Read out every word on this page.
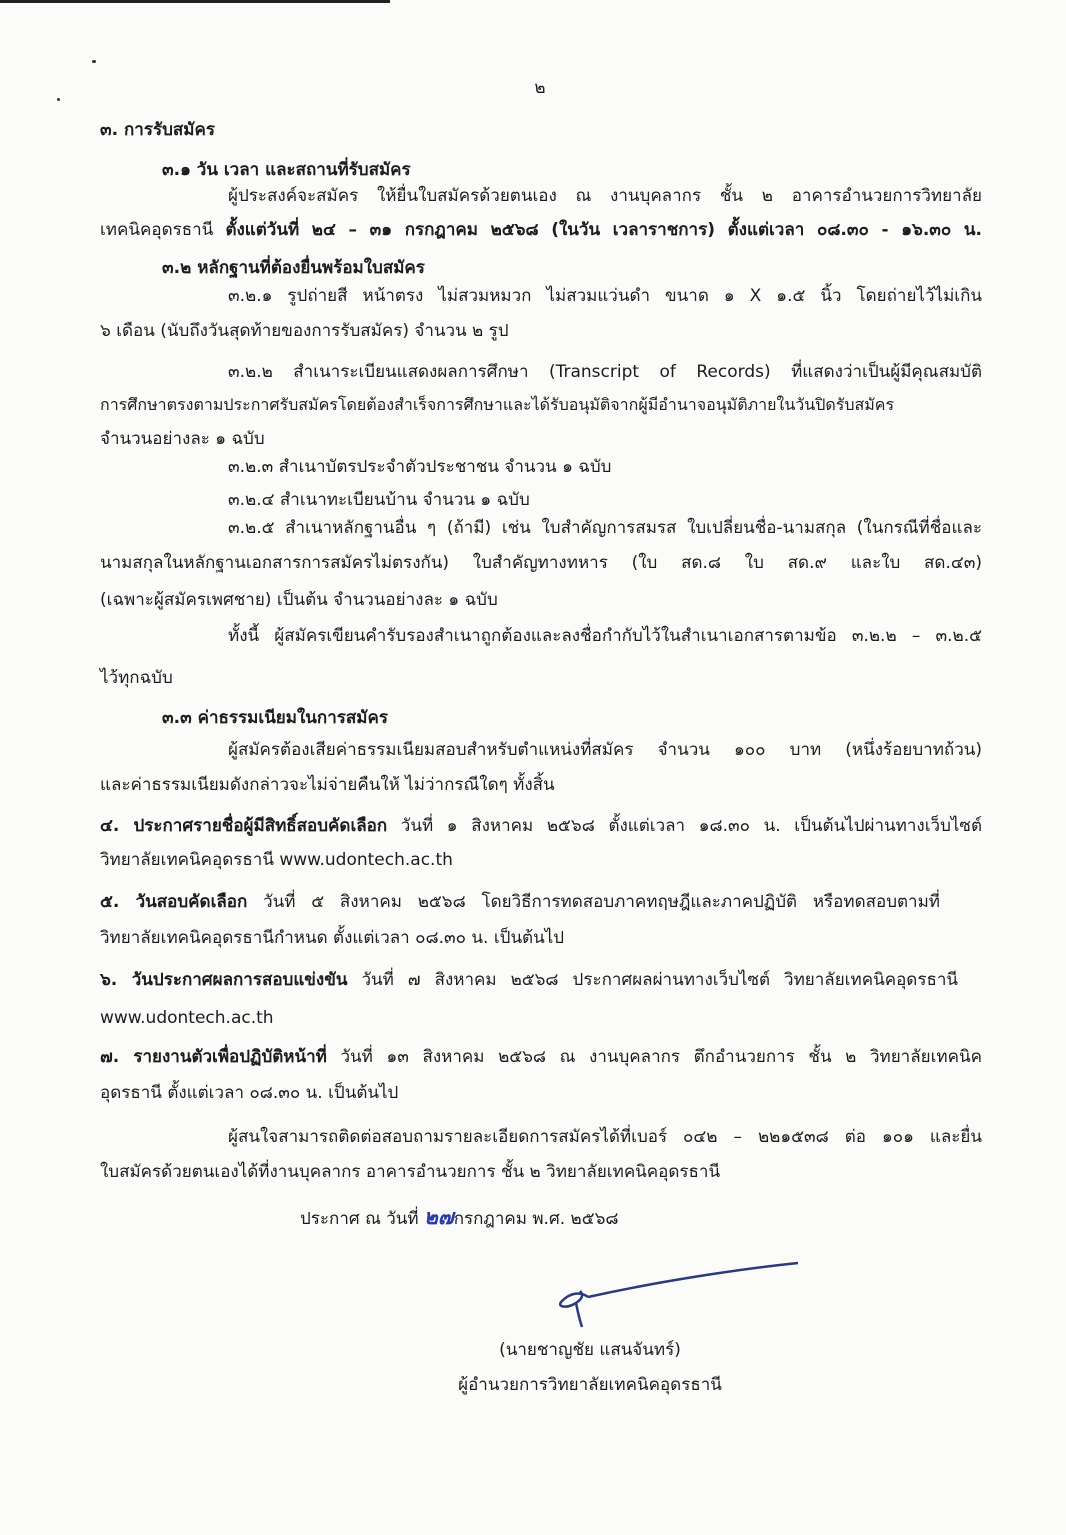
๒
๓. การรับสมัคร
๓.๑ วัน เวลา และสถานที่รับสมัคร
ผู้ประสงค์จะสมัคร ให้ยื่นใบสมัครด้วยตนเอง ณ งานบุคลากร ชั้น ๒ อาคารอำนวยการวิทยาลัย
เทคนิคอุดรธานี ตั้งแต่วันที่ ๒๔ – ๓๑ กรกฎาคม ๒๕๖๘ (ในวัน เวลาราชการ) ตั้งแต่เวลา ๐๘.๓๐ - ๑๖.๓๐ น.
๓.๒ หลักฐานที่ต้องยื่นพร้อมใบสมัคร
๓.๒.๑ รูปถ่ายสี หน้าตรง ไม่สวมหมวก ไม่สวมแว่นดำ ขนาด ๑ X ๑.๕ นิ้ว โดยถ่ายไว้ไม่เกิน
๖ เดือน (นับถึงวันสุดท้ายของการรับสมัคร) จำนวน ๒ รูป
๓.๒.๒ สำเนาระเบียนแสดงผลการศึกษา (Transcript of Records) ที่แสดงว่าเป็นผู้มีคุณสมบัติ
การศึกษาตรงตามประกาศรับสมัครโดยต้องสำเร็จการศึกษาและได้รับอนุมัติจากผู้มีอำนาจอนุมัติภายในวันปิดรับสมัคร
จำนวนอย่างละ ๑ ฉบับ
๓.๒.๓ สำเนาบัตรประจำตัวประชาชน จำนวน ๑ ฉบับ
๓.๒.๔ สำเนาทะเบียนบ้าน จำนวน ๑ ฉบับ
๓.๒.๕ สำเนาหลักฐานอื่น ๆ (ถ้ามี) เช่น ใบสำคัญการสมรส ใบเปลี่ยนชื่อ-นามสกุล (ในกรณีที่ชื่อและ
นามสกุลในหลักฐานเอกสารการสมัครไม่ตรงกัน) ใบสำคัญทางทหาร (ใบ สด.๘ ใบ สด.๙ และใบ สด.๔๓)
(เฉพาะผู้สมัครเพศชาย) เป็นต้น จำนวนอย่างละ ๑ ฉบับ
ทั้งนี้ ผู้สมัครเขียนคำรับรองสำเนาถูกต้องและลงชื่อกำกับไว้ในสำเนาเอกสารตามข้อ ๓.๒.๒ – ๓.๒.๕
ไว้ทุกฉบับ
๓.๓ ค่าธรรมเนียมในการสมัคร
ผู้สมัครต้องเสียค่าธรรมเนียมสอบสำหรับตำแหน่งที่สมัคร จำนวน ๑๐๐ บาท (หนึ่งร้อยบาทถ้วน)
และค่าธรรมเนียมดังกล่าวจะไม่จ่ายคืนให้ ไม่ว่ากรณีใดๆ ทั้งสิ้น
๔. ประกาศรายชื่อผู้มีสิทธิ์สอบคัดเลือก วันที่ ๑ สิงหาคม ๒๕๖๘ ตั้งแต่เวลา ๑๘.๓๐ น. เป็นต้นไปผ่านทางเว็บไซต์
วิทยาลัยเทคนิคอุดรธานี www.udontech.ac.th
๕. วันสอบคัดเลือก วันที่ ๕ สิงหาคม ๒๕๖๘ โดยวิธีการทดสอบภาคทฤษฎีและภาคปฏิบัติ หรือทดสอบตามที่
วิทยาลัยเทคนิคอุดรธานีกำหนด ตั้งแต่เวลา ๐๘.๓๐ น. เป็นต้นไป
๖. วันประกาศผลการสอบแข่งขัน วันที่ ๗ สิงหาคม ๒๕๖๘ ประกาศผลผ่านทางเว็บไซต์ วิทยาลัยเทคนิคอุดรธานี
www.udontech.ac.th
๗. รายงานตัวเพื่อปฏิบัติหน้าที่ วันที่ ๑๓ สิงหาคม ๒๕๖๘ ณ งานบุคลากร ตึกอำนวยการ ชั้น ๒ วิทยาลัยเทคนิค
อุดรธานี ตั้งแต่เวลา ๐๘.๓๐ น. เป็นต้นไป
ผู้สนใจสามารถติดต่อสอบถามรายละเอียดการสมัครได้ที่เบอร์ ๐๔๒ – ๒๒๑๕๓๘ ต่อ ๑๐๑ และยื่น
ใบสมัครด้วยตนเองได้ที่งานบุคลากร อาคารอำนวยการ ชั้น ๒ วิทยาลัยเทคนิคอุดรธานี
ประกาศ ณ วันที่ ๒๗กรกฎาคม พ.ศ. ๒๕๖๘
(นายชาญชัย แสนจันทร์)
ผู้อำนวยการวิทยาลัยเทคนิคอุดรธานี
